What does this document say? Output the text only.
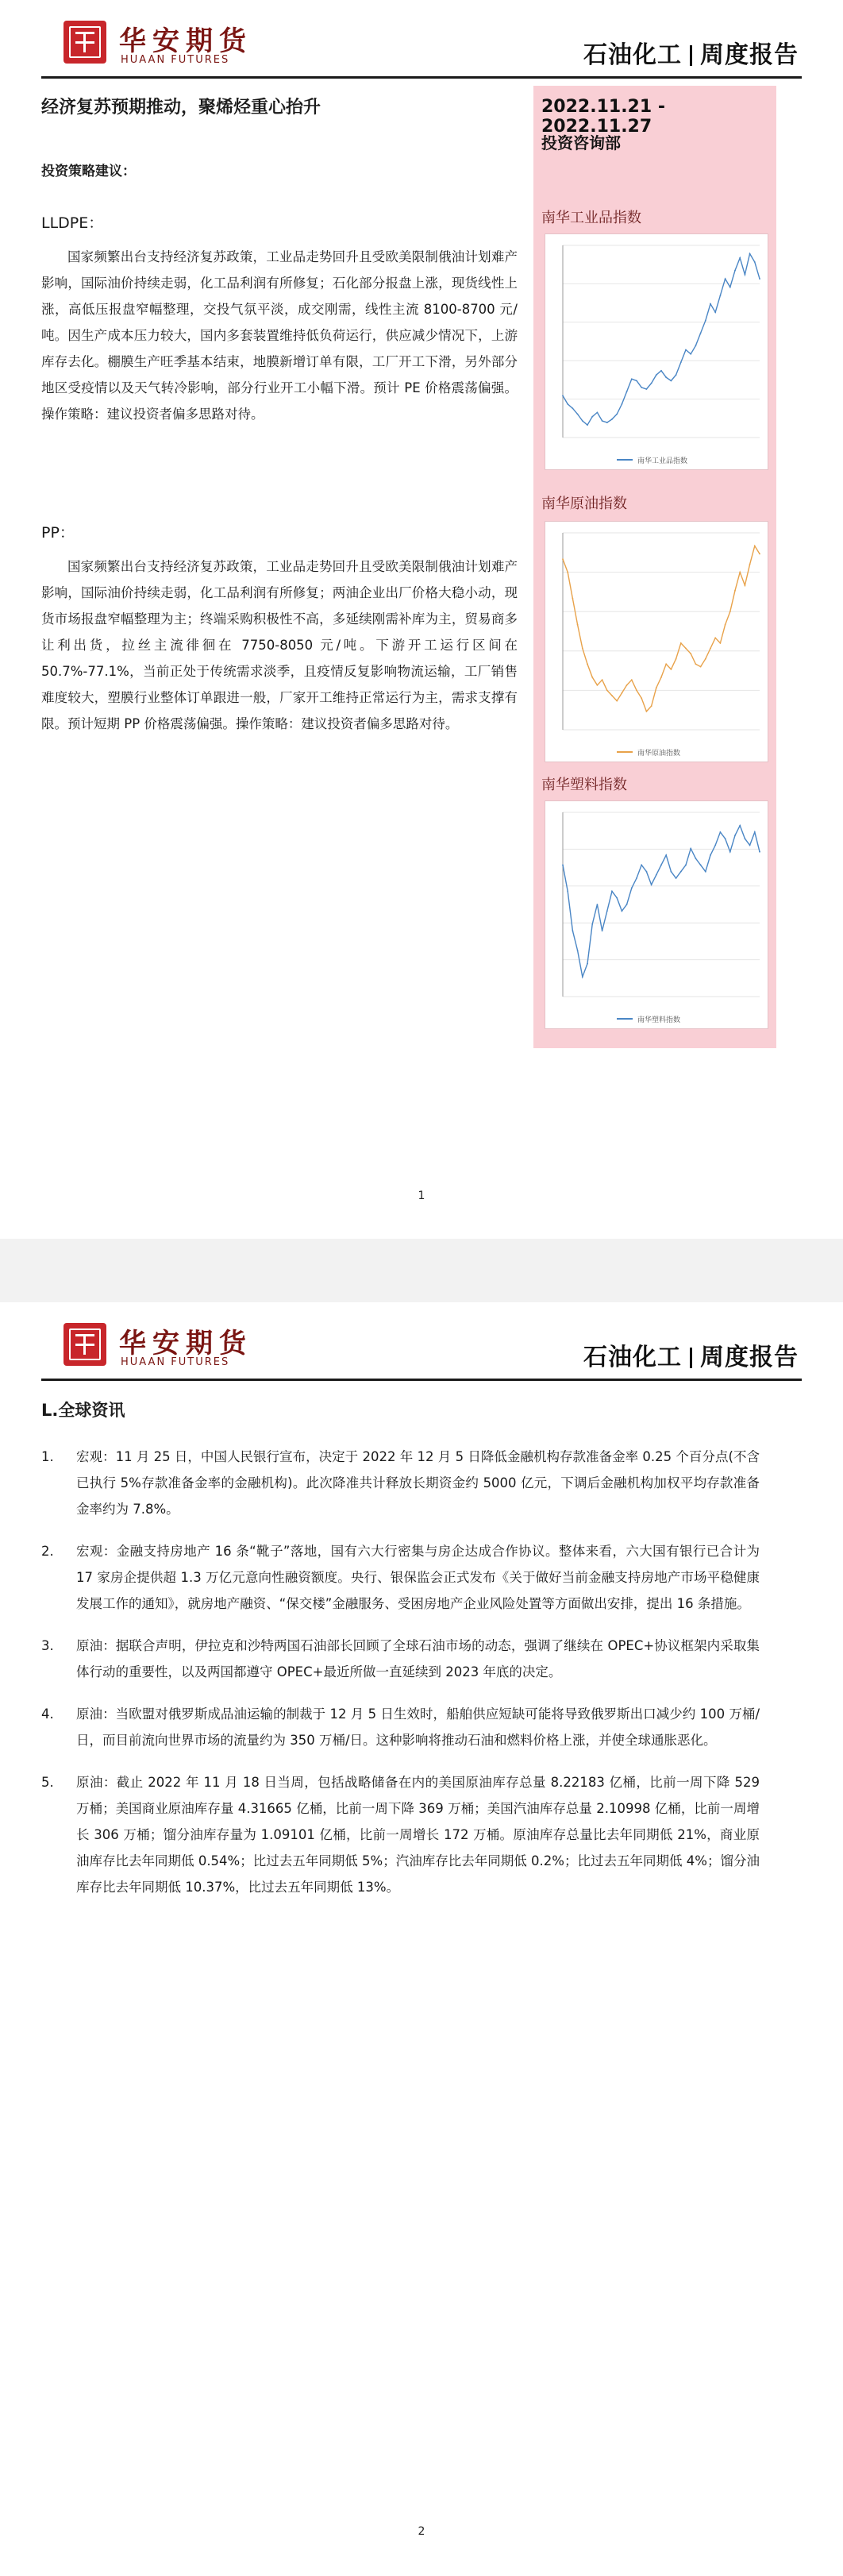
华安期货
HUAAN FUTURES	石油化工 周度报告
经济复苏预期推动，聚烯烃重心抬升
投资策略建议：
LLDPE：

国家频繁出台支持经济复苏政策，工业品走势回升且受欧美限制俄油计划难产影响，国际油价持续走弱，化工品利润有所修复；石化部分报盘上涨，现货线性上涨，高低压报盘窄幅整理，交投气氛平淡，成交刚需，线性主流 8100-8700 元/吨。因生产成本压力较大，国内多套装置维持低负荷运行，供应减少情况下，上游库存去化。棚膜生产旺季基本结束，地膜新增订单有限，工厂开工下滑，另外部分地区受疫情以及天气转冷影响，部分行业开工小幅下滑。预计 PE 价格震荡偏强。操作策略：建议投资者偏多思路对待。

PP：

国家频繁出台支持经济复苏政策，工业品走势回升且受欧美限制俄油计划难产影响，国际油价持续走弱，化工品利润有所修复；两油企业出厂价格大稳小动，现货市场报盘窄幅整理为主；终端采购积极性不高，多延续刚需补库为主，贸易商多让利出货，拉丝主流徘徊在 7750-8050 元/吨。下游开工运行区间在 50.7%-77.1%，当前正处于传统需求淡季，且疫情反复影响物流运输，工厂销售难度较大，塑膜行业整体订单跟进一般，厂家开工维持正常运行为主，需求支撑有限。预计短期 PP 价格震荡偏强。操作策略：建议投资者偏多思路对待。

2022.11.21 - 2022.11.27
投资咨询部
南华工业品指数
南华工业品指数
南华原油指数
南华原油指数
南华塑料指数
南华塑料指数
1
华安期货
HUAAN FUTURES	石油化工 周度报告
L.全球资讯
1. 宏观：11 月 25 日，中国人民银行宣布，决定于 2022 年 12 月 5 日降低金融机构存款准备金率 0.25 个百分点(不含已执行 5%存款准备金率的金融机构)。此次降准共计释放长期资金约 5000 亿元，下调后金融机构加权平均存款准备金率约为 7.8%。
2. 宏观：金融支持房地产 16 条“靴子”落地，国有六大行密集与房企达成合作协议。整体来看，六大国有银行已合计为 17 家房企提供超 1.3 万亿元意向性融资额度。央行、银保监会正式发布《关于做好当前金融支持房地产市场平稳健康发展工作的通知》，就房地产融资、“保交楼”金融服务、受困房地产企业风险处置等方面做出安排，提出 16 条措施。
3. 原油：据联合声明，伊拉克和沙特两国石油部长回顾了全球石油市场的动态，强调了继续在 OPEC+协议框架内采取集体行动的重要性，以及两国都遵守 OPEC+最近所做一直延续到 2023 年底的决定。
4. 原油：当欧盟对俄罗斯成品油运输的制裁于 12 月 5 日生效时，船舶供应短缺可能将导致俄罗斯出口减少约 100 万桶/日，而目前流向世界市场的流量约为 350 万桶/日。这种影响将推动石油和燃料价格上涨，并使全球通胀恶化。
5. 原油：截止 2022 年 11 月 18 日当周，包括战略储备在内的美国原油库存总量 8.22183 亿桶，比前一周下降 529 万桶；美国商业原油库存量 4.31665 亿桶，比前一周下降 369 万桶；美国汽油库存总量 2.10998 亿桶，比前一周增长 306 万桶；馏分油库存量为 1.09101 亿桶，比前一周增长 172 万桶。原油库存总量比去年同期低 21%，商业原油库存比去年同期低 0.54%；比过去五年同期低 5%；汽油库存比去年同期低 0.2%；比过去五年同期低 4%；馏分油库存比去年同期低 10.37%，比过去五年同期低 13%。
2
